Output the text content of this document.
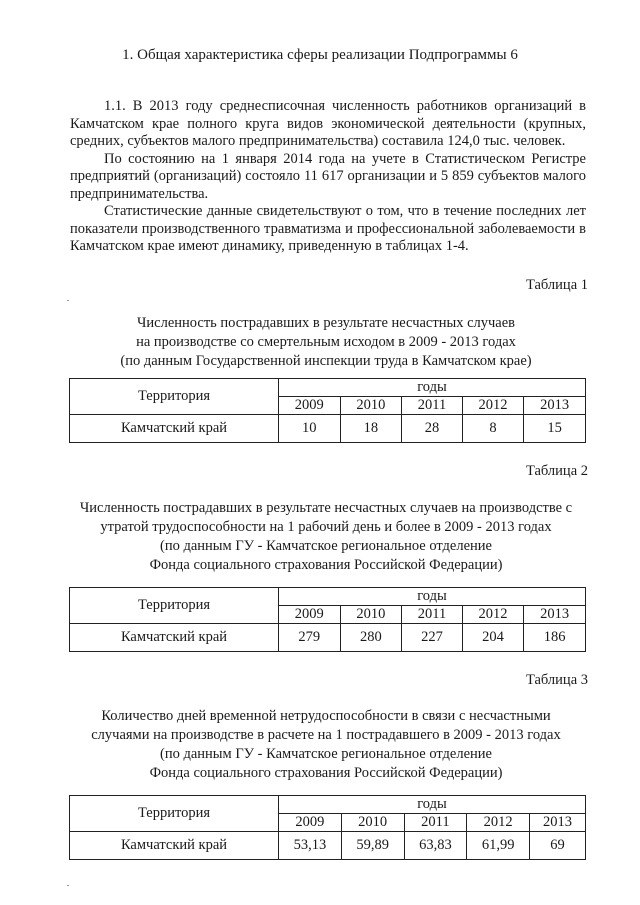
1. Общая характеристика сферы реализации Подпрограммы 6

1.1. В 2013 году среднесписочная численность работников организаций в Камчатском крае полного круга видов экономической деятельности (крупных, средних, субъектов малого предпринимательства) составила 124,0 тыс. человек.

По состоянию на 1 января 2014 года на учете в Статистическом Регистре предприятий (организаций) состояло 11 617 организации и 5 859 субъектов малого предпринимательства.

Статистические данные свидетельствуют о том, что в течение последних лет показатели производственного травматизма и профессиональной заболеваемости в Камчатском крае имеют динамику, приведенную в таблицах 1-4.

Таблица 1
Численность пострадавших в результате несчастных случаев
на производстве со смертельным исходом в 2009 - 2013 годах
(по данным Государственной инспекции труда в Камчатском крае)
Территория	годы				
	2009	2010	2011	2012	2013
Камчатский край	10	18	28	8	15
Таблица 2
Численность пострадавших в результате несчастных случаев на производстве с
утратой трудоспособности на 1 рабочий день и более в 2009 - 2013 годах
(по данным ГУ - Камчатское региональное отделение
Фонда социального страхования Российской Федерации)
Территория	годы				
	2009	2010	2011	2012	2013
Камчатский край	279	280	227	204	186
Таблица 3
Количество дней временной нетрудоспособности в связи с несчастными
случаями на производстве в расчете на 1 пострадавшего в 2009 - 2013 годах
(по данным ГУ - Камчатское региональное отделение
Фонда социального страхования Российской Федерации)
Территория	годы				
	2009	2010	2011	2012	2013
Камчатский край	53,13	59,89	63,83	61,99	69
